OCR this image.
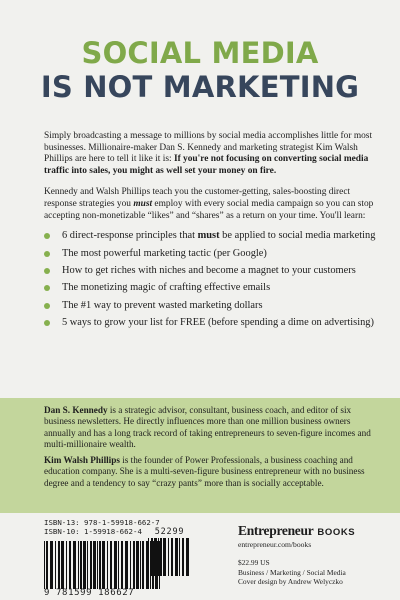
SOCIAL MEDIA
IS NOT MARKETING

Simply broadcasting a message to millions by social media accomplishes little for most businesses. Millionaire-maker Dan S. Kennedy and marketing strategist Kim Walsh Phillips are here to tell it like it is: If you're not focusing on converting social media traffic into sales, you might as well set your money on fire.

Kennedy and Walsh Phillips teach you the customer-getting, sales-boosting direct response strategies you must employ with every social media campaign so you can stop accepting non-monetizable “likes” and “shares” as a return on your time. You'll learn:

6 direct-response principles that must be applied to social media marketing
The most powerful marketing tactic (per Google)
How to get riches with niches and become a magnet to your customers
The monetizing magic of crafting effective emails
The #1 way to prevent wasted marketing dollars
5 ways to grow your list for FREE (before spending a dime on advertising)

Dan S. Kennedy is a strategic advisor, consultant, business coach, and editor of six business newsletters. He directly influences more than one million business owners annually and has a long track record of taking entrepreneurs to seven-figure incomes and multi-millionaire wealth.

Kim Walsh Phillips is the founder of Power Professionals, a business coaching and education company. She is a multi-seven-figure business entrepreneur with no business degree and a tendency to say “crazy pants” more than is socially acceptable.

ISBN-13: 978-1-59918-662-7
ISBN-10: 1-59918-662-4
9 781599 186627
52299	Entrepreneur BOOKS
entrepreneur.com/books
$22.99 US
Business / Marketing / Social Media
Cover design by Andrew Welyczko
